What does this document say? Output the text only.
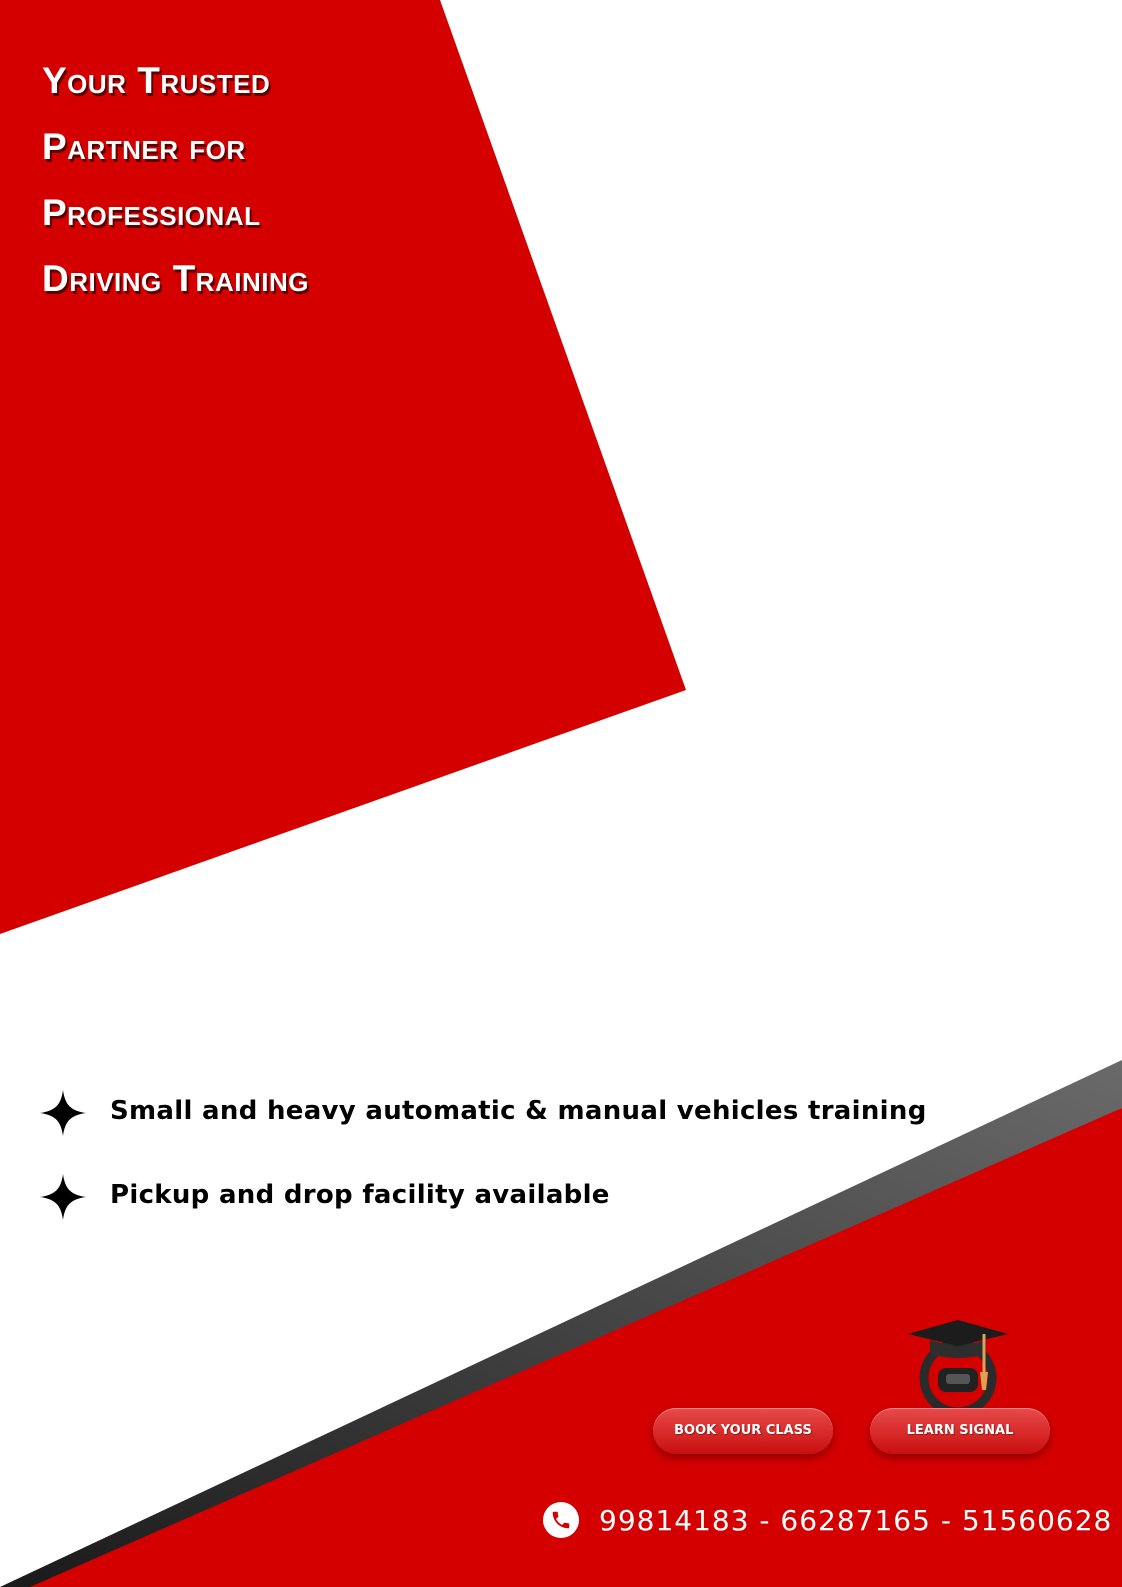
Your Trusted
Partner for
Professional
Driving Training
Small and heavy automatic & manual vehicles training
Pickup and drop facility available
BOOK YOUR CLASS	LEARN SIGNAL
99814183 - 66287165 - 51560628
